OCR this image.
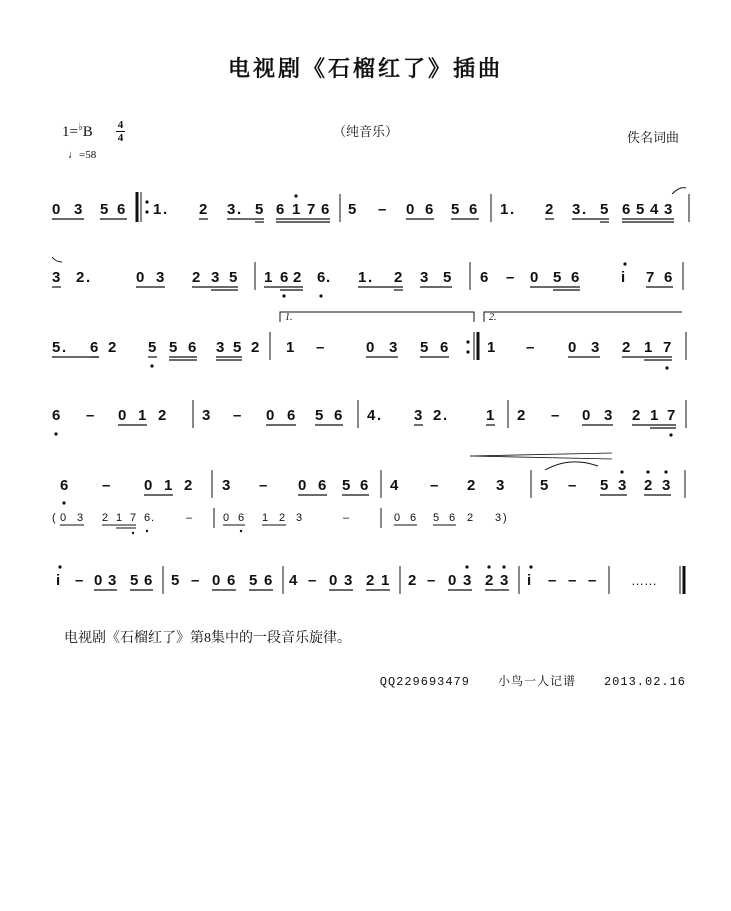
电视剧《石榴红了》插曲
1=♭B 4
4
♩=58
（纯音乐）	佚名词曲
0 3 5 6 1 . 2 3 . 5 6 1 7 6 5 – 0 6 5 6 1 . 2 3 . 5 6 5 4 3
3 2 .	0 3 2 3 5 1 6 2 6 . 1 . 2 3 5 6 – 0 5 6	i 7 6
1.	2.
5 . 6 2 5 5 6 3 5 2 1 –	0 3 5 6	1 – 0 3 2 1 7
6 – 0 1 2 3 – 0 6 5 6 4 . 3 2 .	1 2 – 0 3 2 1 7
6 – 0 1 2 3 – 0 6 5 6 4 – 2 3 5 – 5 3 2 3
( 0 3 2 1 7 6 .	–	0 6 1 2 3	–	0 6 5 6 2 3 )
i – 0 3 5 6 5 – 0 6 5 6 4 – 0 3 2 1 2 – 0 3 2 3 i – – –	……
电视剧《石榴红了》第8集中的一段音乐旋律。
QQ229693479 小鸟一人记谱 2013.02.16
